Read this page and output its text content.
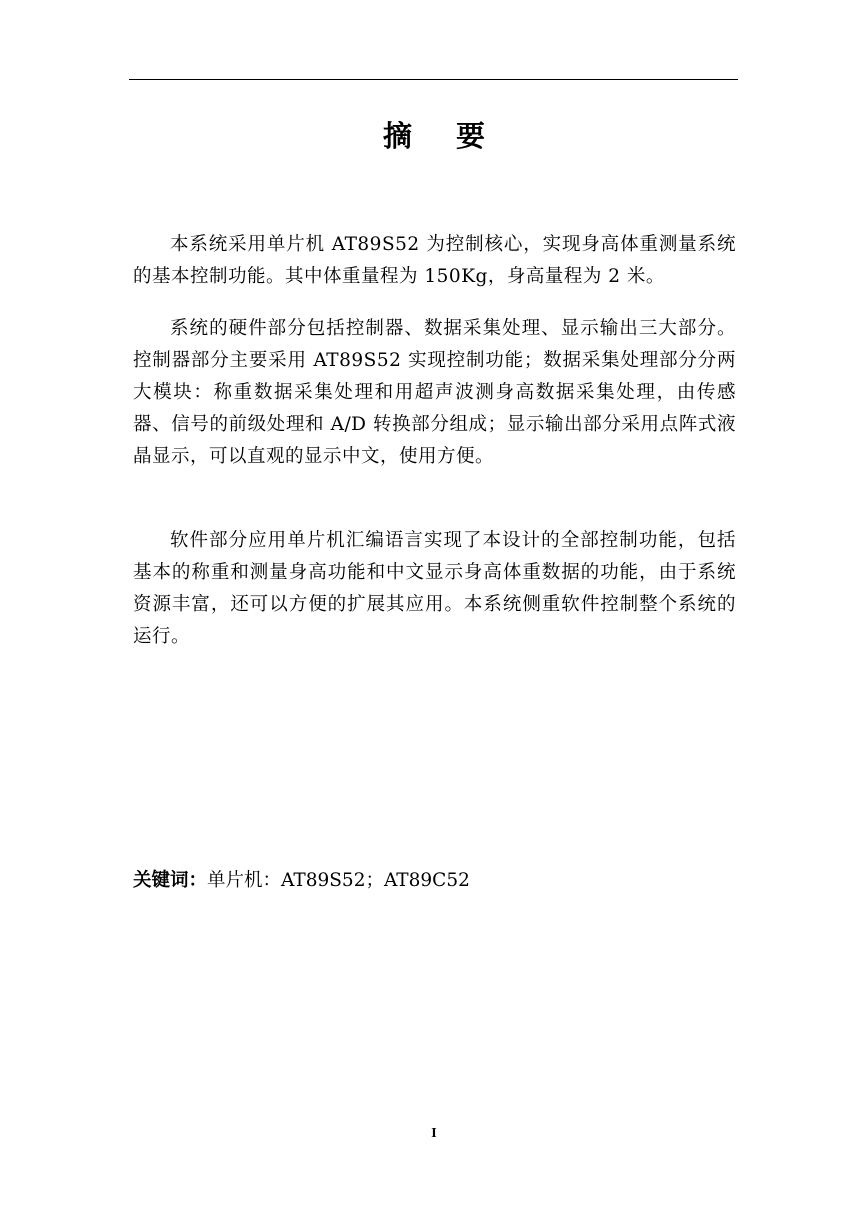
摘 要

本系统采用单片机 AT89S52 为控制核心，实现身高体重测量系统的基本控制功能。其中体重量程为 150Kg，身高量程为 2 米。

系统的硬件部分包括控制器、数据采集处理、显示输出三大部分。控制器部分主要采用 AT89S52 实现控制功能；数据采集处理部分分两大模块：称重数据采集处理和用超声波测身高数据采集处理，由传感器、信号的前级处理和 A/D 转换部分组成；显示输出部分采用点阵式液晶显示，可以直观的显示中文，使用方便。

软件部分应用单片机汇编语言实现了本设计的全部控制功能，包括基本的称重和测量身高功能和中文显示身高体重数据的功能，由于系统资源丰富，还可以方便的扩展其应用。本系统侧重软件控制整个系统的运行。

关键词：单片机：AT89S52；AT89C52
I
